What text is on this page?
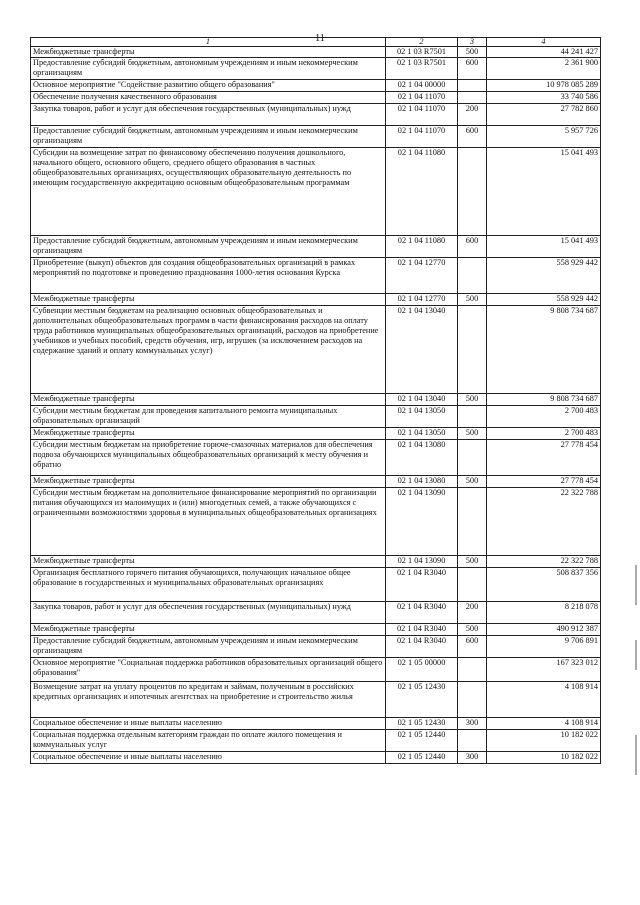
11
1	2	3	4
Межбюджетные трансферты	02 1 03 R7501	500	44 241 427
Предоставление субсидий бюджетным, автономным учреждениям и иным некоммерческим организациям	02 1 03 R7501	600	2 361 900
Основное мероприятие "Содействие развитию общего образования"	02 1 04 00000		10 978 085 289
Обеспечение получения качественного образования	02 1 04 11070		33 740 586
Закупка товаров, работ и услуг для обеспечения государственных (муниципальных) нужд	02 1 04 11070	200	27 782 860
Предоставление субсидий бюджетным, автономным учреждениям и иным некоммерческим организациям	02 1 04 11070	600	5 957 726
Субсидии на возмещение затрат по финансовому обеспечению получения дошкольного, начального общего, основного общего, среднего общего образования в частных общеобразовательных организациях, осуществляющих образовательную деятельность по имеющим государственную аккредитацию основным общеобразовательным программам	02 1 04 11080		15 041 493
Предоставление субсидий бюджетным, автономным учреждениям и иным некоммерческим организациям	02 1 04 11080	600	15 041 493
Приобретение (выкуп) объектов для создания общеобразовательных организаций в рамках мероприятий по подготовке и проведению празднования 1000-летия основания Курска	02 1 04 12770		558 929 442
Межбюджетные трансферты	02 1 04 12770	500	558 929 442
Субвенции местным бюджетам на реализацию основных общеобразовательных и дополнительных общеобразовательных программ в части финансирования расходов на оплату труда работников муниципальных общеобразовательных организаций, расходов на приобретение учебников и учебных пособий, средств обучения, игр, игрушек (за исключением расходов на содержание зданий и оплату коммунальных услуг)	02 1 04 13040		9 808 734 687
Межбюджетные трансферты	02 1 04 13040	500	9 808 734 687
Субсидии местным бюджетам для проведения капитального ремонта муниципальных образовательных организаций	02 1 04 13050		2 700 483
Межбюджетные трансферты	02 1 04 13050	500	2 700 483
Субсидии местным бюджетам на приобретение горюче-смазочных материалов для обеспечения подвоза обучающихся муниципальных общеобразовательных организаций к месту обучения и обратно	02 1 04 13080		27 778 454
Межбюджетные трансферты	02 1 04 13080	500	27 778 454
Субсидии местным бюджетам на дополнительное финансирование мероприятий по организации питания обучающихся из малоимущих и (или) многодетных семей, а также обучающихся с ограниченными возможностями здоровья в муниципальных общеобразовательных организациях	02 1 04 13090		22 322 788
Межбюджетные трансферты	02 1 04 13090	500	22 322 788
Организация бесплатного горячего питания обучающихся, получающих начальное общее образование в государственных и муниципальных образовательных организациях	02 1 04 R3040		508 837 356
Закупка товаров, работ и услуг для обеспечения государственных (муниципальных) нужд	02 1 04 R3040	200	8 218 078
Межбюджетные трансферты	02 1 04 R3040	500	490 912 387
Предоставление субсидий бюджетным, автономным учреждениям и иным некоммерческим организациям	02 1 04 R3040	600	9 706 891
Основное мероприятие "Социальная поддержка работников образовательных организаций общего образования"	02 1 05 00000		167 323 012
Возмещение затрат на уплату процентов по кредитам и займам, полученным в российских кредитных организациях и ипотечных агентствах на приобретение и строительство жилья	02 1 05 12430		4 108 914
Социальное обеспечение и иные выплаты населению	02 1 05 12430	300	4 108 914
Социальная поддержка отдельным категориям граждан по оплате жилого помещения и коммунальных услуг	02 1 05 12440		10 182 022
Социальное обеспечение и иные выплаты населению	02 1 05 12440	300	10 182 022
